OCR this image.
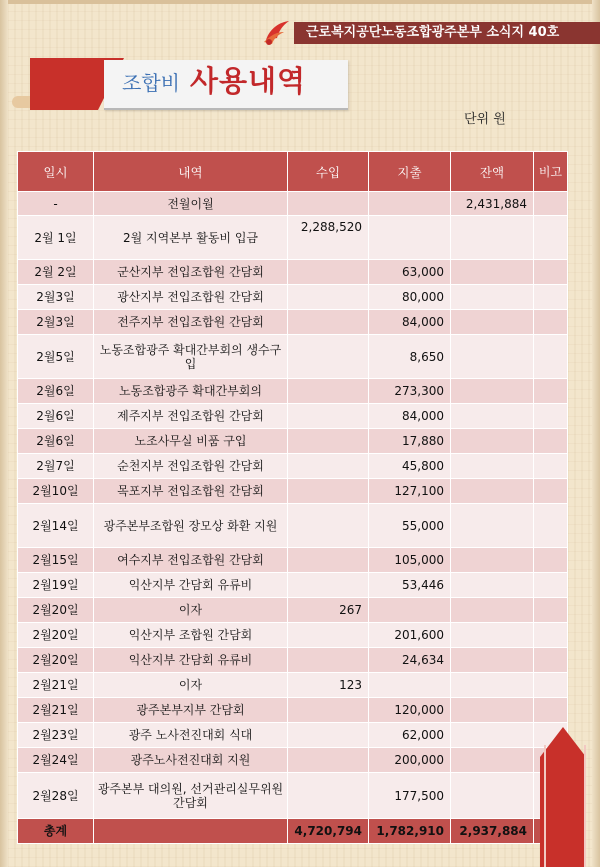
근로복지공단노동조합광주본부 소식지 40호
조합비 사용내역
단위 원
일시	내역	수입	지출	잔액	비고
-	전월이월			2,431,884	
2월 1일	2월 지역본부 활동비 입금	2,288,520			
2월 2일	군산지부 전입조합원 간담회		63,000		
2월3일	광산지부 전입조합원 간담회		80,000		
2월3일	전주지부 전입조합원 간담회		84,000		
2월5일	노동조합광주 확대간부회의 생수구입		8,650		
2월6일	노동조합광주 확대간부회의		273,300		
2월6일	제주지부 전입조합원 간담회		84,000		
2월6일	노조사무실 비품 구입		17,880		
2월7일	순천지부 전입조합원 간담회		45,800		
2월10일	목포지부 전입조합원 간담회		127,100		
2월14일	광주본부조합원 장모상 화환 지원		55,000		
2월15일	여수지부 전입조합원 간담회		105,000		
2월19일	익산지부 간담회 유류비		53,446		
2월20일	이자	267			
2월20일	익산지부 조합원 간담회		201,600		
2월20일	익산지부 간담회 유류비		24,634		
2월21일	이자	123			
2월21일	광주본부지부 간담회		120,000		
2월23일	광주 노사전진대회 식대		62,000		
2월24일	광주노사전진대회 지원		200,000		
2월28일	광주본부 대의원, 선거관리실무위원 간담회		177,500		
총계		4,720,794	1,782,910	2,937,884	
